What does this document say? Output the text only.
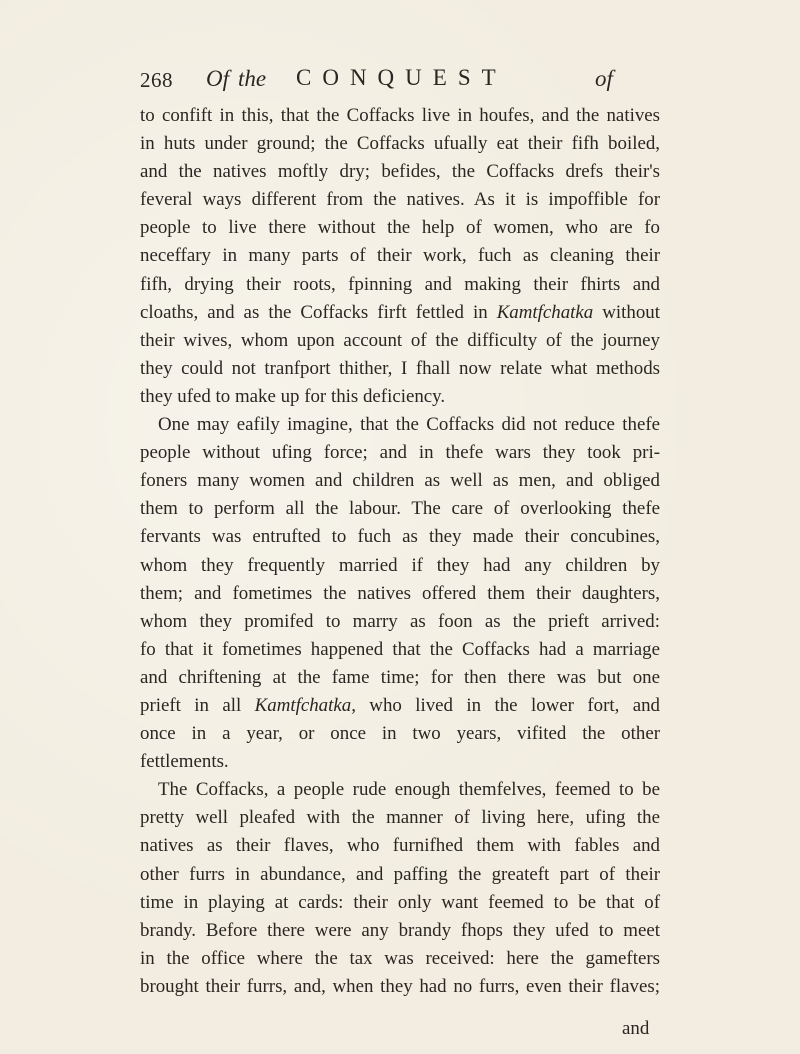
268 Of the CONQUEST	of
to confift in this, that the Coffacks live in houfes, and the natives
in huts under ground; the Coffacks ufually eat their fifh boiled,
and the natives moftly dry; befides, the Coffacks drefs their's
feveral ways different from the natives. As it is impoffible for
people to live there without the help of women, who are fo
neceffary in many parts of their work, fuch as cleaning their
fifh, drying their roots, fpinning and making their fhirts and
cloaths, and as the Coffacks firft fettled in Kamtfchatka without
their wives, whom upon account of the difficulty of the journey
they could not tranfport thither, I fhall now relate what methods
they ufed to make up for this deficiency.
One may eafily imagine, that the Coffacks did not reduce thefe
people without ufing force; and in thefe wars they took pri-
foners many women and children as well as men, and obliged
them to perform all the labour. The care of overlooking thefe
fervants was entrufted to fuch as they made their concubines,
whom they frequently married if they had any children by
them; and fometimes the natives offered them their daughters,
whom they promifed to marry as foon as the prieft arrived:
fo that it fometimes happened that the Coffacks had a marriage
and chriftening at the fame time; for then there was but one
prieft in all Kamtfchatka, who lived in the lower fort, and
once in a year, or once in two years, vifited the other
fettlements.
The Coffacks, a people rude enough themfelves, feemed to be
pretty well pleafed with the manner of living here, ufing the
natives as their flaves, who furnifhed them with fables and
other furrs in abundance, and paffing the greateft part of their
time in playing at cards: their only want feemed to be that of
brandy. Before there were any brandy fhops they ufed to meet
in the office where the tax was received: here the gamefters
brought their furrs, and, when they had no furrs, even their flaves;
and
